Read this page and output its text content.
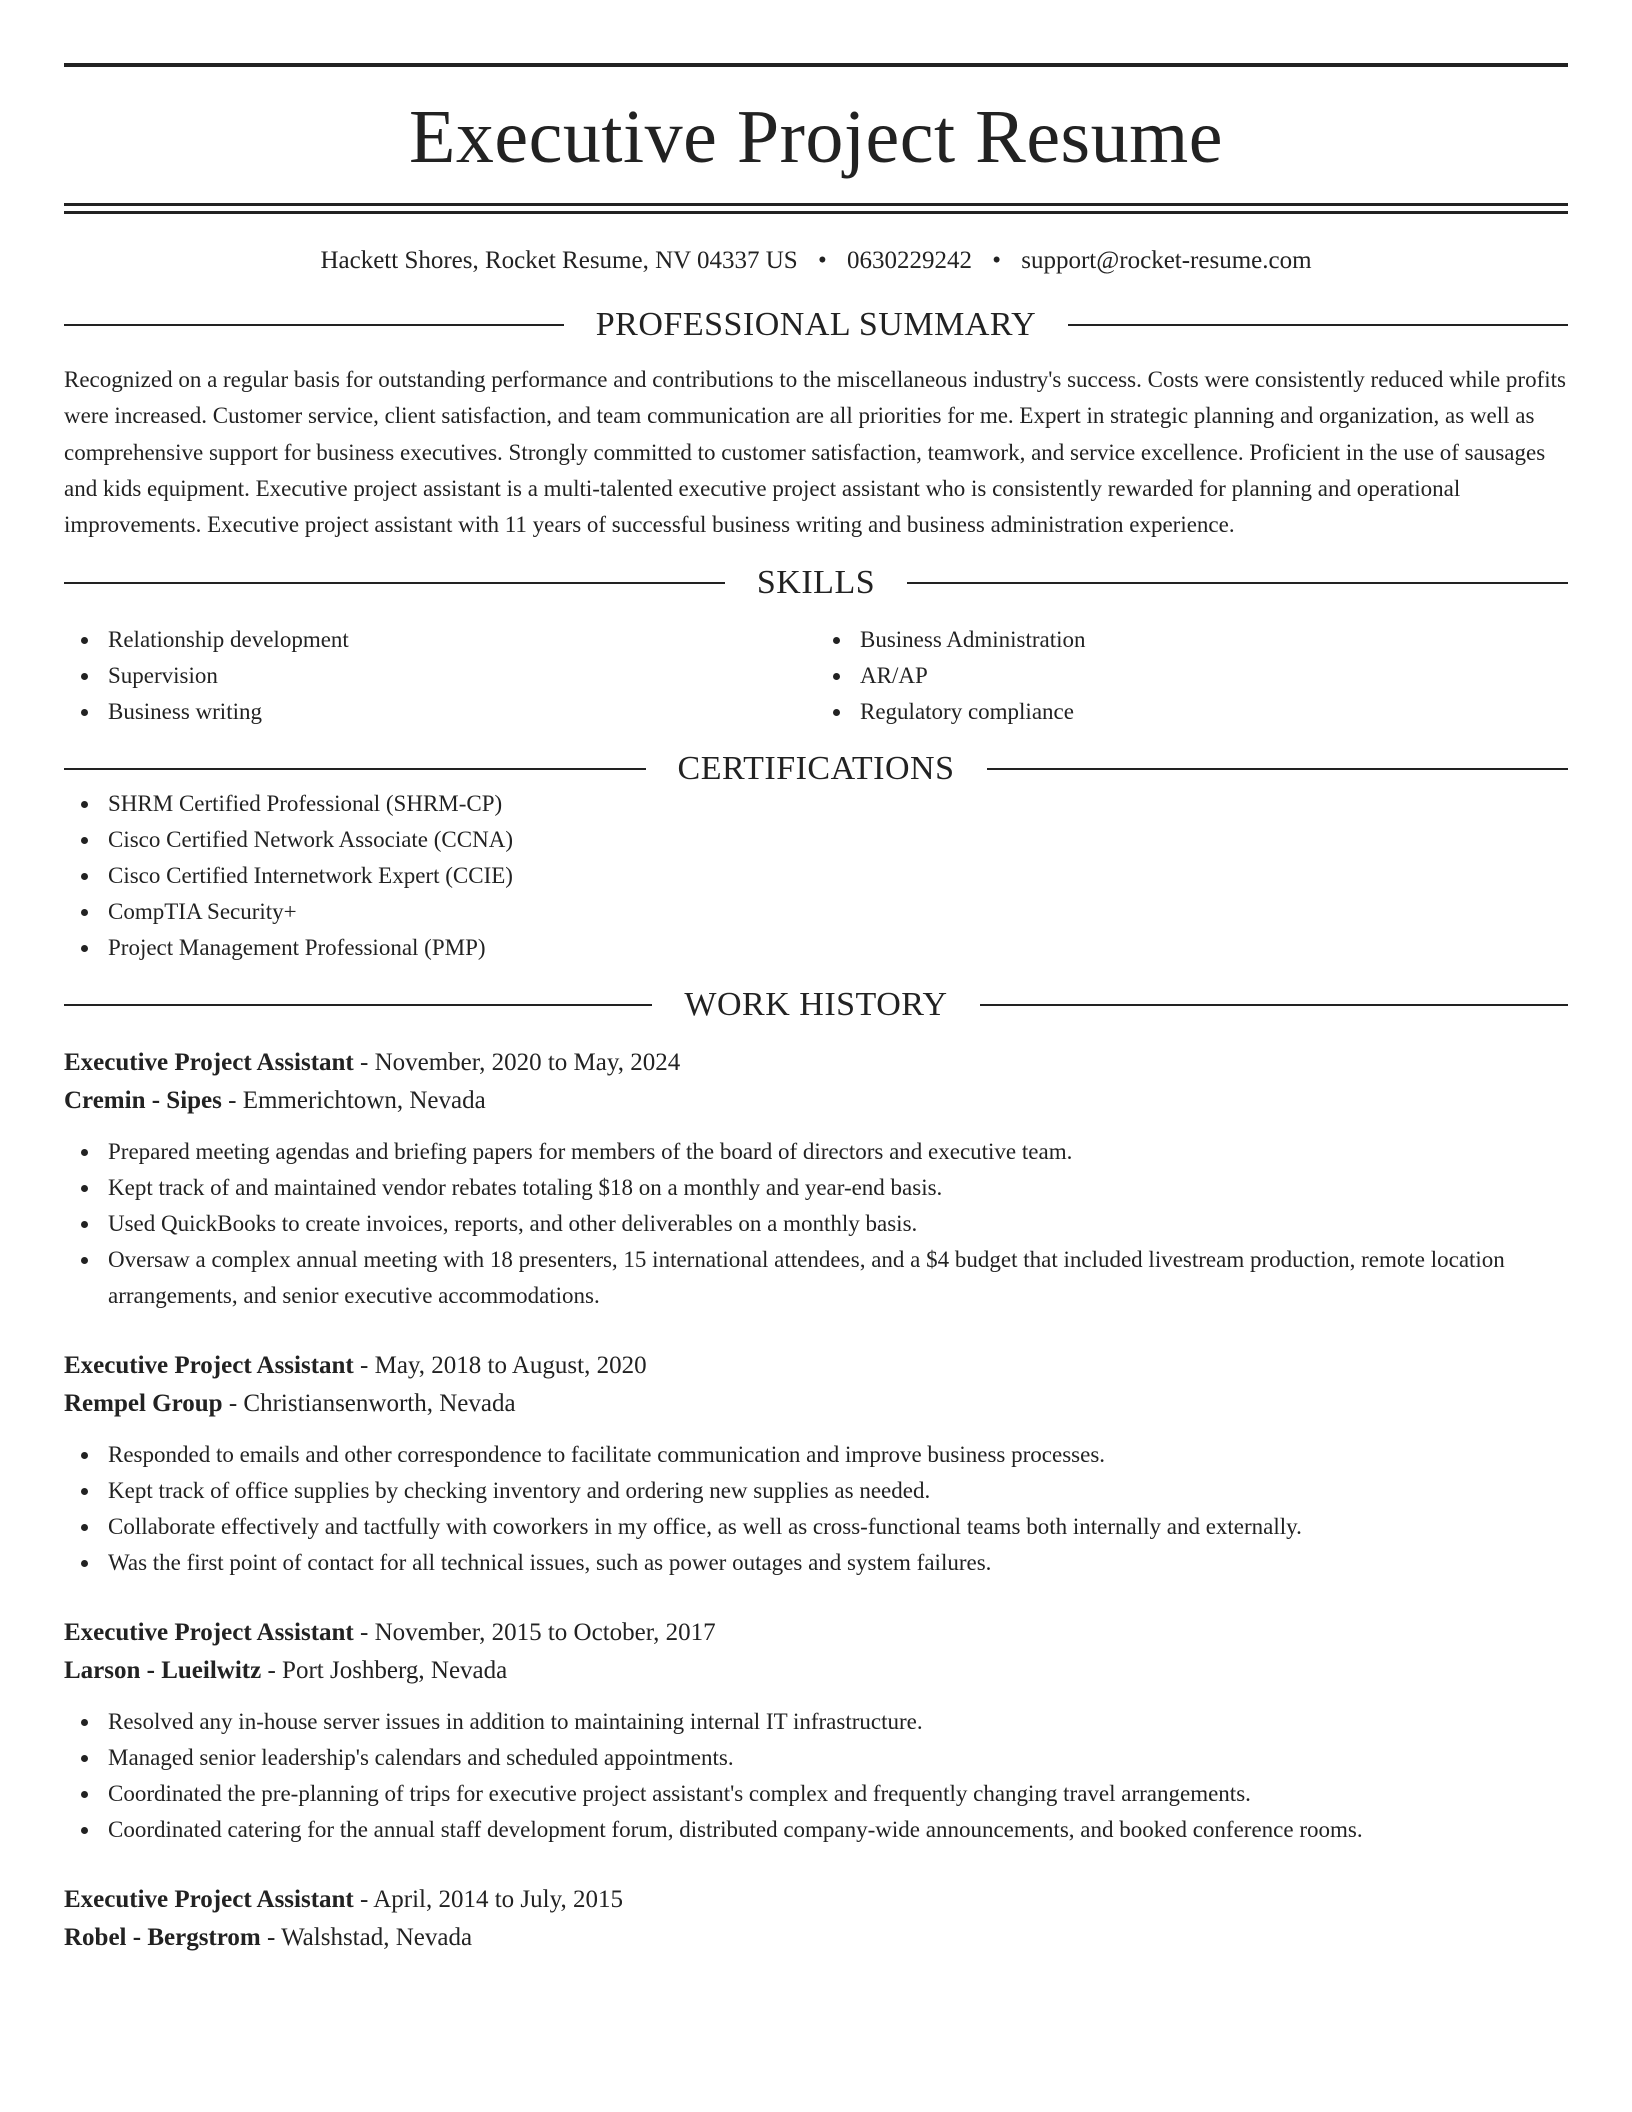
Executive Project Resume
Hackett Shores, Rocket Resume, NV 04337 US • 0630229242 • support@rocket-resume.com
PROFESSIONAL SUMMARY

Recognized on a regular basis for outstanding performance and contributions to the miscellaneous industry's success. Costs were consistently reduced while profits were increased. Customer service, client satisfaction, and team communication are all priorities for me. Expert in strategic planning and organization, as well as comprehensive support for business executives. Strongly committed to customer satisfaction, teamwork, and service excellence. Proficient in the use of sausages and kids equipment. Executive project assistant is a multi-talented executive project assistant who is consistently rewarded for planning and operational improvements. Executive project assistant with 11 years of successful business writing and business administration experience.

SKILLS
Relationship development
Supervision
Business writing
Business Administration
AR/AP
Regulatory compliance
CERTIFICATIONS
SHRM Certified Professional (SHRM-CP)
Cisco Certified Network Associate (CCNA)
Cisco Certified Internetwork Expert (CCIE)
CompTIA Security+
Project Management Professional (PMP)
WORK HISTORY
Executive Project Assistant - November, 2020 to May, 2024
Cremin - Sipes - Emmerichtown, Nevada
Prepared meeting agendas and briefing papers for members of the board of directors and executive team.
Kept track of and maintained vendor rebates totaling $18 on a monthly and year-end basis.
Used QuickBooks to create invoices, reports, and other deliverables on a monthly basis.
Oversaw a complex annual meeting with 18 presenters, 15 international attendees, and a $4 budget that included livestream production, remote location arrangements, and senior executive accommodations.
Executive Project Assistant - May, 2018 to August, 2020
Rempel Group - Christiansenworth, Nevada
Responded to emails and other correspondence to facilitate communication and improve business processes.
Kept track of office supplies by checking inventory and ordering new supplies as needed.
Collaborate effectively and tactfully with coworkers in my office, as well as cross-functional teams both internally and externally.
Was the first point of contact for all technical issues, such as power outages and system failures.
Executive Project Assistant - November, 2015 to October, 2017
Larson - Lueilwitz - Port Joshberg, Nevada
Resolved any in-house server issues in addition to maintaining internal IT infrastructure.
Managed senior leadership's calendars and scheduled appointments.
Coordinated the pre-planning of trips for executive project assistant's complex and frequently changing travel arrangements.
Coordinated catering for the annual staff development forum, distributed company-wide announcements, and booked conference rooms.
Executive Project Assistant - April, 2014 to July, 2015
Robel - Bergstrom - Walshstad, Nevada
